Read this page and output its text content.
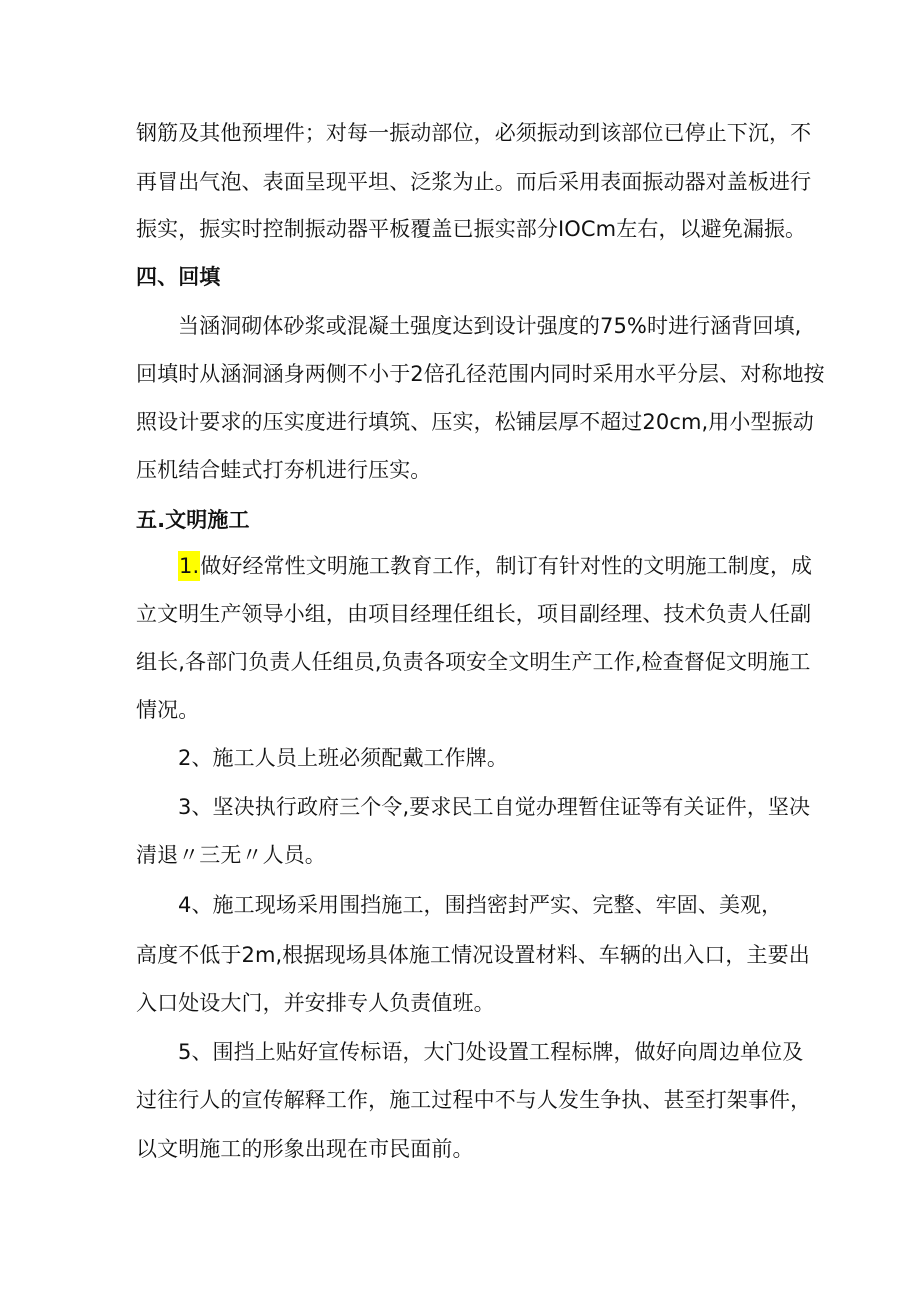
钢筋及其他预埋件；对每一振动部位，必须振动到该部位已停止下沉，不
再冒出气泡、表面呈现平坦、泛浆为止。而后采用表面振动器对盖板进行
振实，振实时控制振动器平板覆盖已振实部分IOCm左右，以避免漏振。
四、回填
当涵洞砌体砂浆或混凝土强度达到设计强度的75%时进行涵背回填,
回填时从涵洞涵身两侧不小于2倍孔径范围内同时采用水平分层、对称地按
照设计要求的压实度进行填筑、压实，松铺层厚不超过20cm,用小型振动
压机结合蛙式打夯机进行压实。
五.文明施工
1.做好经常性文明施工教育工作，制订有针对性的文明施工制度，成
立文明生产领导小组，由项目经理任组长，项目副经理、技术负责人任副
组长,各部门负责人任组员,负责各项安全文明生产工作,检查督促文明施工
情况。
2、施工人员上班必须配戴工作牌。
3、坚决执行政府三个令,要求民工自觉办理暂住证等有关证件，坚决
清退〃三无〃人员。
4、施工现场采用围挡施工，围挡密封严实、完整、牢固、美观，
高度不低于2m,根据现场具体施工情况设置材料、车辆的出入口，主要出
入口处设大门，并安排专人负责值班。
5、围挡上贴好宣传标语，大门处设置工程标牌，做好向周边单位及
过往行人的宣传解释工作，施工过程中不与人发生争执、甚至打架事件，
以文明施工的形象出现在市民面前。
